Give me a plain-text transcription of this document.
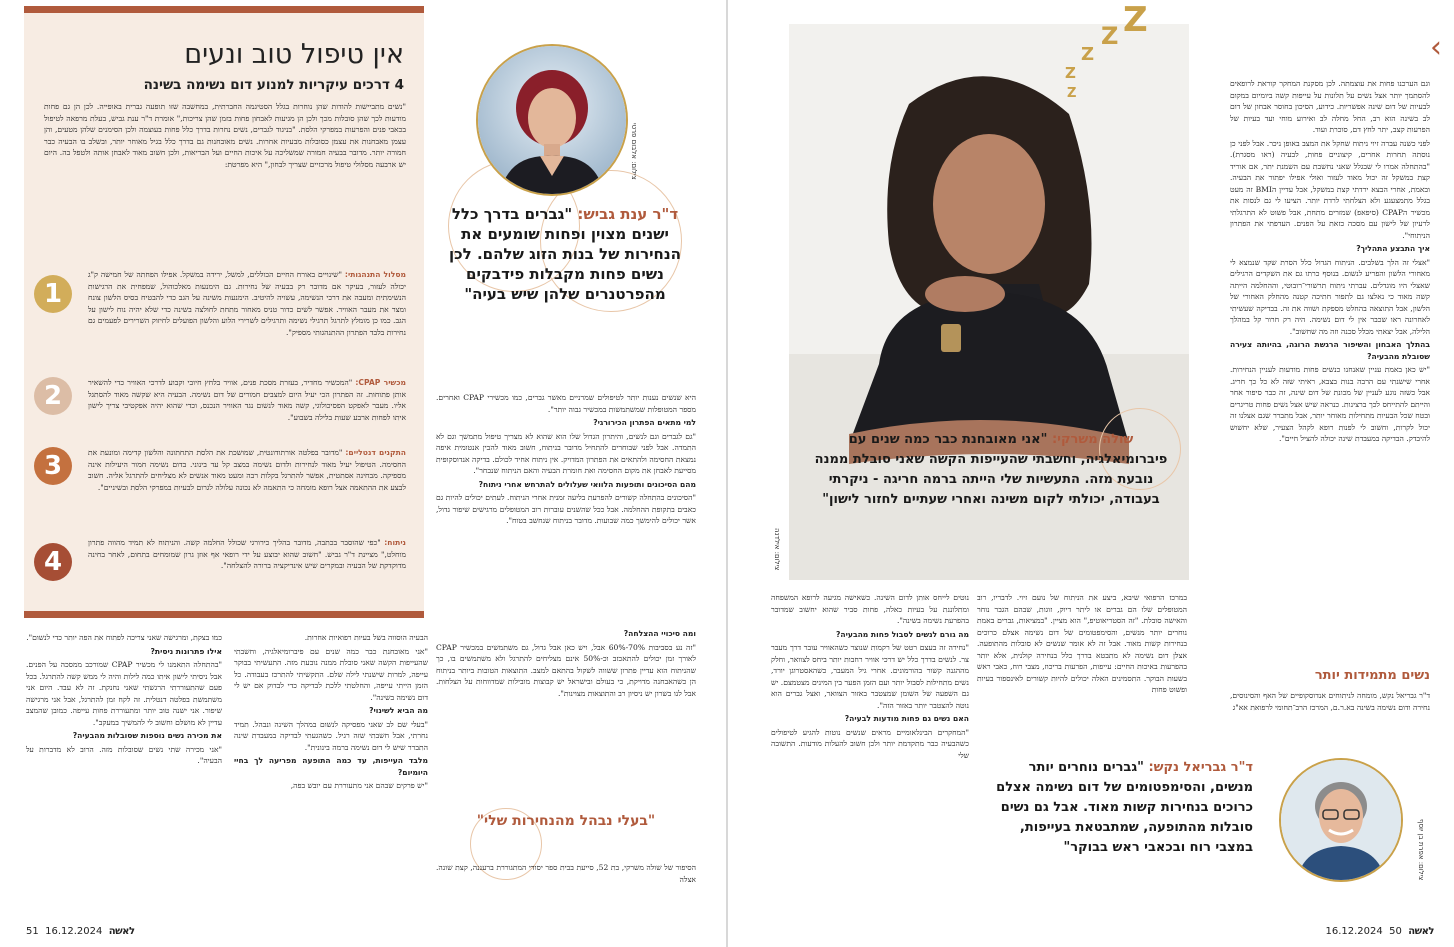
אין טיפול טוב ונעים
4 דרכים עיקריות למנוע דום נשימה בשינה

"נשים מתביישות להודות שהן נוחרות בגלל הסטיגמה החברתית, במחשבה שזו תופעה גברית באופייה. לכן הן גם פחות מודעות לכך שהן סובלות מכך ולכן הן מגיעות לאבחון פחות בזמן שהן צריכות," אומרת ד"ר ענת גביש, בעלת מרפאה לטיפול בכאבי פנים והפרעות במפרקי הלסת. "בניגוד לגברים, נשים נחרות בדרך כלל פחות בעוצמה ולכן הסימנים שלהן מטעים, והן עצמן מאבחנות את עצמן כסובלות מבעיות אחרות. נשים מאובחנות גם בדרך כלל בגיל מאוחר יותר, ובשלב בו הבעיה כבר חמורה יותר. מדובר בבעיה חמורה שמשליכה על איכות החיים ועל הבריאות, ולכן חשוב מאוד לאבחן אותה ולטפל בה. היום יש ארבעה מסלולי טיפול מרכזיים שצריך לבחון," היא מפרטת:

1

מסלול התנהגותי: "שינויים באורח החיים הכוללים, למשל, ירידה במשקל. אפילו הפחתה של חמישה ק"ג יכולה לעזור, בעיקר אם מדובר רק בבעיה של נחירות. גם הימנעות מאלכוהול, שמפחית את הרגישות הנשימתית ומעבה את דרכי הנשימה, עשויה להיטיב. הימנעות משינה על הגב כדי להבטיח בסיס הלשון צונח ומצר את מעבר האוויר. אפשר לשים כדור טניס מאחור מתחת לחולצה בשינה כדי שלא יהיה נוח לישון על הגב. כמו כן מומלץ לתרגל תרגילי נשימה ותרגילים לשרירי הלוע והלשון הפועלים לחיזוק השרירים לפעמים גם נחירות בלבד הפתרון ההתנהגותי מספיק".

2	מכשיר CPAP: "המכשיר מחדיר, בעזרת מסכת פנים, אוויר בלחץ חיובי וקבוע לדרכי האוויר כדי להשאיר אותן פתוחות. זה הפתרון הכי יעיל היום למצבים חמורים של דום נשימה. הבעיה היא שקשה מאוד להסתגל אליו. מעבר לאפקט הפסיכולוגי, קשה מאוד לנשום נגד האוויר הנכנס, וכדי שהוא יהיה אפקטיבי צריך לישון איתו לפחות ארבע שעות בלילה בשבוע".

3	התקנים דנטליים: "מדובר בפלטה אורתודונטית, שמושכת את הלסת התחתונה והלשון קדימה ומונעת את החסימה. הטיפול יעיל מאוד לנחירות ולדום נשימה במצב קל עד בינוני. בדום נשימה חמור היעילות אינה מספיקה. מבחינה אסתטית, אפשר להתרגל בקלות רבה ומעט מאוד אנשים לא מצליחים להתרגל אליה. חשוב לבצע את ההתאמה אצל רופא מומחה כי התאמה לא נכונה עלולה לגרום לבעיות במפרקי הלסת ובשיניים".

4

ניתוח: "כפי שהוסבר בכתבה, מדובר בהליך כירורגי שכולל החלמה קשה. והניתוח לא תמיד מהווה פתרון מוחלט," מציינת ד"ר גביש. "חשוב שהוא יבוצע על ידי רופאי אף אוזן גרון שמומחים בתחום, לאחר בחינה מדוקדקת של הבעיה ובמקרים שיש אינדיקציה ברורה להצלחה".

צילום: אלבום פרטי
ד"ר ענת גביש: "גברים בדרך כלל ישנים מצוין ופחות שומעים את הנחירות של בנות הזוג שלהם. לכן נשים פחות מקבלות פידבקים מהפרטנרים שלהן שיש בעיה"

היא שנשים נענות יותר לטיפולים שמרניים מאשר גברים, כמו מכשירי CPAP ואחרים. מספר המטופלות שמשתמשות במכשיר גבוה יותר".

למי מתאים הפתרון הכירורגי?

"גם לגברים וגם לנשים, והיתרון הגדול שלו הוא שהוא לא מצריך טיפול מתמשך וגם לא התמדה. אבל לפני שבוחרים להתחיל מדובר בניתוח, חשוב מאוד להבין אנטומית איפה נמצאת החסימה ולהתאים את הפתרון המדויק. אין ניתוח אחיד לכולם. בדיקה אנדוסקופית מסייעת לאבחן את מקום החסימה ואת חומרת הבעיה והאם הניתוח שנבחר".

מהם הסיכונים ותופעות הלוואי שעלולים להתרחש אחרי ניתוח?

"הסיכונים בהתחלה קשורים להפרעת בליעה זמנית אחרי הניתוח. לעתים יכולים להיות גם כאבים בתקופת ההחלמה. אבל ככל שהשנים עוברות רוב המטופלים מרגישים שיפור גדול, אשר יכולים להימשך כמה שבועות. מדובר בניתוח שנחשב בטוח".

ומה סיכויי ההצלחה?

"זה נע בסביבות 70%-60% אבל, ויש כאן אבל גדול, גם משתמשים במכשיר CPAP לאורך זמן יכולים להתאכזב וכ-50% אינם מצליחים להתרגל ולא משתמשים בו, כך שהניתוח הוא עדיין פתרון ששווה לשקול בהתאם למצב. התוצאות הטובות ביותר בניתוח הן כשהאבחנה מדויקת, כי בעולם ובישראל יש קבוצות מובילות שמדווחות על הצלחות. אבל לנו בשרון יש ניסיון רב והתוצאות מצוינות".

"בעלי נבהל מהנחירות שלי"

הסיפור של שולה משרקי, בת 52, סייעת בבית ספר יסודי המתגוררת ברעננה, קצת שונה. אצלה

הבעיה הוסווה בשל בעיות רפואיות אחרות.

"אני מאובחנת כבר כמה שנים עם פיברומיאלגיה, וחשבתי שהעייפות הקשה שאני סובלת ממנה נובעת מזה. התעשיתי בבוקר עייפה, למרות שישנתי לילה שלם. התקשיתי להתרכז בעבודה. כל הזמן הייתי עייפה, והחלטתי ללכת לבדיקה כדי לבדוק אם יש לי דום נשימה בשינה".

מה הביא לשינוי?

"בעלי שם לב שאני מפסיקה לנשום במהלך השינה ונבהל. תמיד נחרתי, אבל חשבתי שזה רגיל. כשהגעתי לבדיקה במעבדת שינה התברר שיש לי דום נשימה ברמה בינונית".

מלבד העייפות, עד כמה התופעה מפריעה לך בחיי היומיום?

"יש פרקים שבהם אני מתעוררת עם יובש בפה,

כמו בצקת, ומרגישה שאני צריכה לפתוח את הפה יותר כדי לנשום".

אילו פתרונות ניסית?

"בהתחלה התאמנו לי מכשיר CPAP שמורכב ממסכה על הפנים. אבל ניסיתי לישון איתו כמה לילות והיה לי ממש קשה להתרגל. בכל פעם שהתעוררתי הרגשתי שאני נחנקת. זה לא עבד. היום אני משתמשת בפלטה דנטלית. זה לקח זמן להתרגל, אבל אני מרגישה שיפור. אני ישנה טוב יותר ומתעוררת פחות עייפה. כמובן שהמצב עדיין לא מושלם וחשוב לי להמשיך במעקב".

את מכירה נשים נוספות שסובלות מהבעיה?

"אני מכירה שתי נשים שסובלות מזה. הרוב לא מדברות על הבעיה".

51	לאשה  16.12.2024
‹

וגם הערכנו פחות את עוצמתה. לכן מסקנת המחקר קוראת לרופאים להסתמך יותר אצל נשים על תלונות על עייפות קשה ביומיום במקום לבעיות של דום שינה אפשריות. כידוע, הסיכון בחוסר אבחון של דום לב בשינה הוא רב, החל מחלה לב ואירוע מוחי ועד בעיות של הפרעות קצב, יתר לחץ דם, סוכרת ועוד.

לפני כשנה עברה זיוי ניתוח שחקל את המצב באופן ניכר. אבל לפני כן נוסתה תחרות אחרים, קיצוניים פחות, לבעיה (ראו מסגרת). "בהתחלה אמרו לי שבגלל שאני נחשבת עם השמנת יתר, אם אוריד קצת במשקל זה יכול מאוד לעזור ואולי אפילו יפתור את הבעיה. ובאמת, אחרי הבצא ירדתי קצת במשקל, אבל עדיין הBMI זה מעט בגלל מתמצעגע ולא הצלחתי לרדת יותר. הציעו לי גם לנסות את מכשיר הCPAP (סיפאפ) שמזרים מתחת, אבל פשוט לא התרגלתי לרעיון של לישון עם מסכה כזאת על הפנים. העדפתי את הפתרון הניתוחי".

איך התבצע התהליך?

"אצלי זה הלך בשלבים. הניתוח הגדול כלל הסרת שקד שנמצא לי מאחורי הלשון והפריע לנשום. בנוסף כרתו גם את השקדים הרגילים שאצלי היו מוגדלים. עברתי ניתוח תרשורי־רובוטי, וההחלמה הייתה קשה מאוד כי נאלצו גם לתפור חתיכה קטנה מהחלק האחורי של הלשון, אבל התוצאה בהחלט מספקת ושווה את זה. בבדיקה שעשיתי לאחרונה ראו שכבר אין לי דום נשימה. היה רק חרור קל במהלך הלילה, אבל יצאתי מכלל סכנה וזה מה שחשוב".

בהתלך האבחון והשיפור הרגשת הרוגה, בהיותה צעירה שסובלת מהבעיה?

"יש כאן באמת עניין שאנחנו כנשים פחות מודעות לעניין הנחירות. אחרי שישנתי עם הרבה בנות בצבא, ראיתי שזה לא כל כך חריג. אבל כשזה נוגע לעניין של מכונת של דום שינה, זה כבר סיפור אחר והייתם להתייחס לכך ברצינות. כנראה שיש אצל נשים פחות טריגרים ובטח שכל הבעיות מתחילות מאוחר יותר, אבל מתברר שגם אצלנו זה יכול לקרות, וחשוב לי לפנות רופא לקהל הצעיר, שלא יחשוש להיבדק. הבדיקה במעבדת שינה יכולה להציל חיים".

נשים מתמידות יותר

ד"ר גבריאל נקש, מומחה לניתוחים אנדוסקופיים של האף והסינוסים, נחירה ודום נשימה בשינה בא.ר.ם, המרכז הרב־תחומי לרפואת אא"ג

צילום: אילדנה
Z
Z
Z
Z
Z
שולה משרקי: "אני מאובחנת כבר כמה שנים עם פיברומיאלגיה, וחשבתי שהעייפות הקשה שאני סובלת ממנה נובעת מזה. התעשיות שלי הייתה ברמה חריגה - ניקרתי בעבודה, יכולתי לקום משינה ואחרי שעתיים לחזור לישון"

במרכז הרפואי שיבא, ביצע את הניתוח של נועם זיוי. לדבריו, רוב המטופלים שלו הם גברים או ליתר דיוק, זוגות, שבהם הגבר נוחר והאישה סובלת. "זה הסטריאוטיפ," הוא מציין. "במציאות, גברים באמת נוחרים יותר מנשים, והסימפטומים של דום נשימה אצלם כרוכים בנחירות קשות מאוד. אבל זה לא אומר שנשים לא סובלות מהתופעה. אצלן דום נשימה לא מתבטא בדרך כלל בנחירה קולנית, אלא יותר בהפרעות באיכות החיים: עייפות, הפרעות בריכוז, מצבי רוח, כאבי ראש בשעות הבוקר. התסמינים האלה יכולים להיות קשורים לאינספור בעיות ופשוט פחות

נוטים לייחס אותן לדום השינה. כשאישה מגיעה לרופא המשפחה ומתלוננת על בעיות כאלה, פחות סביר שהוא יחשוב שמדובר בהפרעת נשימה בשינה".

מה גורם לנשים לסבול פחות מהבעיה?

"נחירה זה בעצם רטט של רקמות שנוצר כשהאוויר עובר דרך מעבר צר. לנשים בדרך כלל יש דרכי אוויר רחבות יותר ביחס לצוואר, וחלק מההגנה קשור בהורמונים. אחרי גיל המעבר, כשהאסטרוגן יורד, נשים מתחילות לסבול יותר ועם הזמן הפער בין המינים מצטמצם. יש גם השפעה של השומן שמצטבר באזור הצוואר, ואצל גברים הוא נוטה להצטבר יותר באזור הזה".

האם נשים גם פחות מודעות לבעיה?

"המחקרים הבינלאומיים מראים שנשים נוטות להגיע לטיפולים כשהבעיה כבר מתקדמת יותר ולכן חשוב להעלות מודעות. התשובה שלי

ד"ר גבריאל נקש: "גברים נוחרים יותר מנשים, והסימפטומים של דום נשימה אצלם כרוכים בנחירות קשות מאוד. אבל גם נשים סובלות מהתופעה, שמתבטאת בעייפות, במצבי רוח ובכאבי ראש בבוקר"	צילום: אפרת בן יוסף
16.12.2024	לאשה  50
